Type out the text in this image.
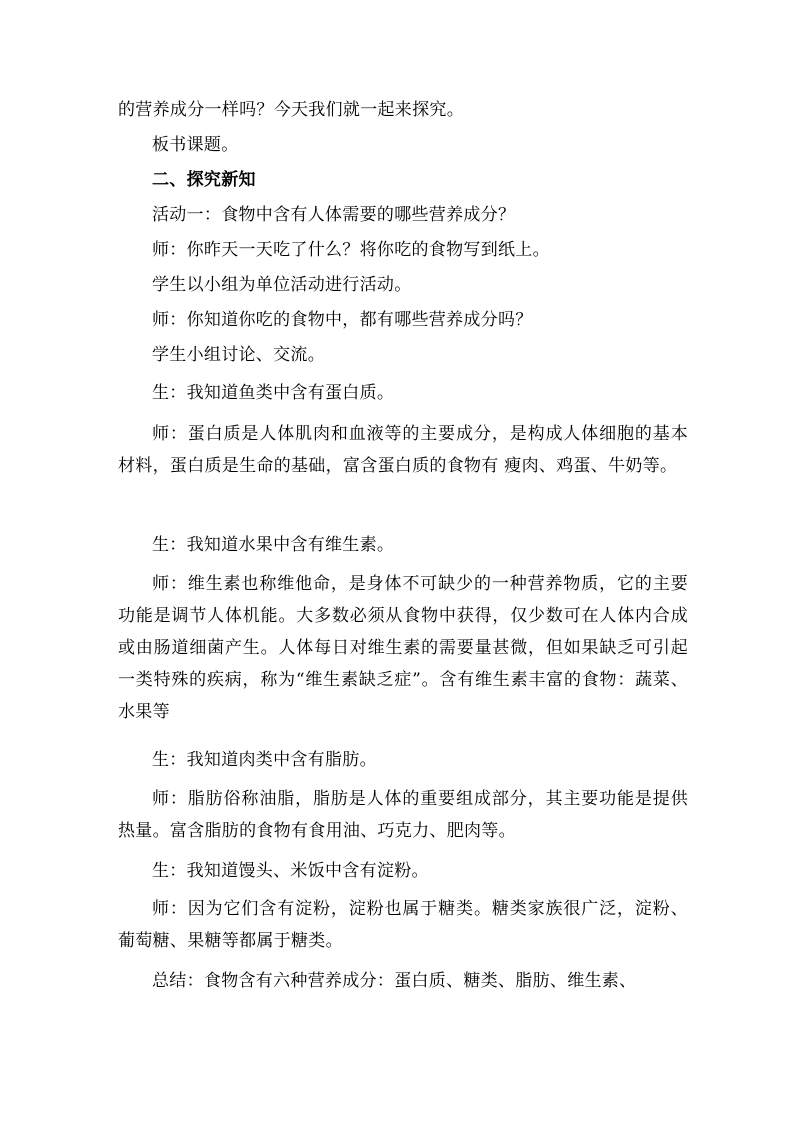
的营养成分一样吗？今天我们就一起来探究。
板书课题。
二、探究新知
活动一：食物中含有人体需要的哪些营养成分？
师：你昨天一天吃了什么？将你吃的食物写到纸上。
学生以小组为单位活动进行活动。
师：你知道你吃的食物中，都有哪些营养成分吗？
学生小组讨论、交流。
生：我知道鱼类中含有蛋白质。
师：蛋白质是人体肌肉和血液等的主要成分，是构成人体细胞的基本材料，蛋白质是生命的基础，富含蛋白质的食物有 瘦肉、鸡蛋、牛奶等。
生：我知道水果中含有维生素。
师：维生素也称维他命，是身体不可缺少的一种营养物质，它的主要功能是调节人体机能。大多数必须从食物中获得，仅少数可在人体内合成或由肠道细菌产生。人体每日对维生素的需要量甚微，但如果缺乏可引起一类特殊的疾病，称为“维生素缺乏症”。含有维生素丰富的食物：蔬菜、水果等
生：我知道肉类中含有脂肪。
师：脂肪俗称油脂，脂肪是人体的重要组成部分，其主要功能是提供热量。富含脂肪的食物有食用油、巧克力、肥肉等。
生：我知道馒头、米饭中含有淀粉。
师：因为它们含有淀粉，淀粉也属于糖类。糖类家族很广泛，淀粉、葡萄糖、果糖等都属于糖类。
总结：食物含有六种营养成分：蛋白质、糖类、脂肪、维生素、
